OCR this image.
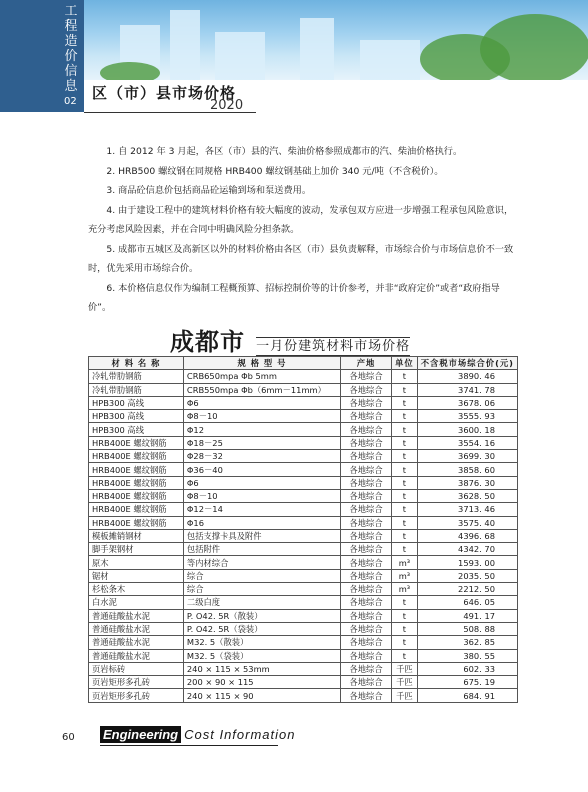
工
程
造
价
信
息
02 区（市）县市场价格
2020

1. 自 2012 年 3 月起，各区（市）县的汽、柴油价格参照成都市的汽、柴油价格执行。

2. HRB500 螺纹钢在同规格 HRB400 螺纹钢基础上加价 340 元/吨（不含税价）。

3. 商品砼信息价包括商品砼运输到场和泵送费用。

4. 由于建设工程中的建筑材料价格有较大幅度的波动，发承包双方应进一步增强工程承包风险意识，充分考虑风险因素，并在合同中明确风险分担条款。

5. 成都市五城区及高新区以外的材料价格由各区（市）县负责解释，市场综合价与市场信息价不一致时，优先采用市场综合价。

6. 本价格信息仅作为编制工程概预算、招标控制价等的计价参考，并非“政府定价”或者“政府指导价”。

成都市 一月份建筑材料市场价格
材 料 名 称	规 格 型 号	产地	单位	不含税市场综合价(元)
冷轧带肋钢筋	CRB650mpa Φb 5mm	各地综合	t	3890. 46
冷轧带肋钢筋	CRB550mpa Φb（6mm－11mm）	各地综合	t	3741. 78
HPB300 高线	Φ6	各地综合	t	3678. 06
HPB300 高线	Φ8－10	各地综合	t	3555. 93
HPB300 高线	Φ12	各地综合	t	3600. 18
HRB400E 螺纹钢筋	Φ18－25	各地综合	t	3554. 16
HRB400E 螺纹钢筋	Φ28－32	各地综合	t	3699. 30
HRB400E 螺纹钢筋	Φ36－40	各地综合	t	3858. 60
HRB400E 螺纹钢筋	Φ6	各地综合	t	3876. 30
HRB400E 螺纹钢筋	Φ8－10	各地综合	t	3628. 50
HRB400E 螺纹钢筋	Φ12－14	各地综合	t	3713. 46
HRB400E 螺纹钢筋	Φ16	各地综合	t	3575. 40
模板摊销钢材	包括支撑卡具及附件	各地综合	t	4396. 68
脚手架钢材	包括附件	各地综合	t	4342. 70
原木	等内材综合	各地综合	m³	1593. 00
锯材	综合	各地综合	m³	2035. 50
杉松条木	综合	各地综合	m³	2212. 50
白水泥	二级白度	各地综合	t	646. 05
普通硅酸盐水泥	P. O42. 5R（散装）	各地综合	t	491. 17
普通硅酸盐水泥	P. O42. 5R（袋装）	各地综合	t	508. 88
普通硅酸盐水泥	M32. 5（散装）	各地综合	t	362. 85
普通硅酸盐水泥	M32. 5（袋装）	各地综合	t	380. 55
页岩标砖	240 × 115 × 53mm	各地综合	千匹	602. 33
页岩矩形多孔砖	200 × 90 × 115	各地综合	千匹	675. 19
页岩矩形多孔砖	240 × 115 × 90	各地综合	千匹	684. 91
60 Engineering Cost Information
